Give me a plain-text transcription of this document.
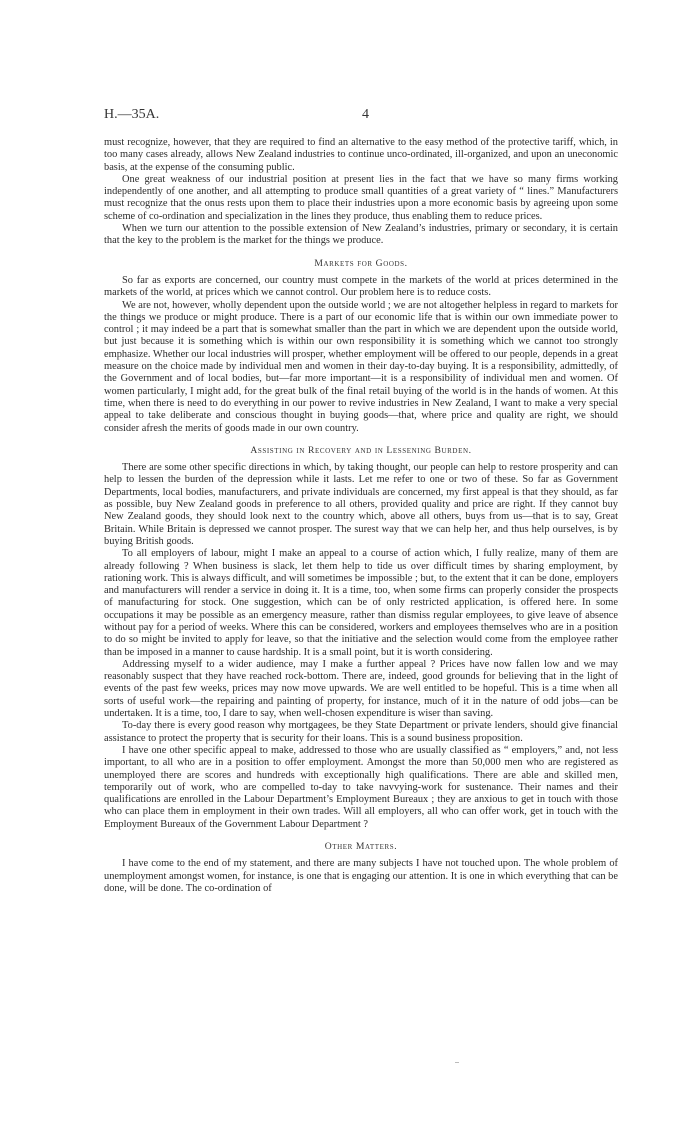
H.—35A.	4

must recognize, however, that they are required to find an alternative to the easy method of the protective tariff, which, in too many cases already, allows New Zealand industries to continue unco-ordinated, ill-organized, and upon an uneconomic basis, at the expense of the consuming public.

One great weakness of our industrial position at present lies in the fact that we have so many firms working independently of one another, and all attempting to produce small quantities of a great variety of “ lines.” Manufacturers must recognize that the onus rests upon them to place their industries upon a more economic basis by agreeing upon some scheme of co-ordination and specialization in the lines they produce, thus enabling them to reduce prices.

When we turn our attention to the possible extension of New Zealand’s industries, primary or secondary, it is certain that the key to the problem is the market for the things we produce.

Markets for Goods.

So far as exports are concerned, our country must compete in the markets of the world at prices determined in the markets of the world, at prices which we cannot control. Our problem here is to reduce costs.

We are not, however, wholly dependent upon the outside world ; we are not altogether helpless in regard to markets for the things we produce or might produce. There is a part of our economic life that is within our own immediate power to control ; it may indeed be a part that is somewhat smaller than the part in which we are dependent upon the outside world, but just because it is something which is within our own responsibility it is something which we cannot too strongly emphasize. Whether our local industries will prosper, whether employment will be offered to our people, depends in a great measure on the choice made by individual men and women in their day-to-day buying. It is a responsibility, admittedly, of the Government and of local bodies, but—far more important—it is a responsibility of individual men and women. Of women particularly, I might add, for the great bulk of the final retail buying of the world is in the hands of women. At this time, when there is need to do everything in our power to revive industries in New Zealand, I want to make a very special appeal to take deliberate and conscious thought in buying goods—that, where price and quality are right, we should consider afresh the merits of goods made in our own country.

Assisting in Recovery and in Lessening Burden.

There are some other specific directions in which, by taking thought, our people can help to restore prosperity and can help to lessen the burden of the depression while it lasts. Let me refer to one or two of these. So far as Government Departments, local bodies, manufacturers, and private individuals are concerned, my first appeal is that they should, as far as possible, buy New Zealand goods in preference to all others, provided quality and price are right. If they cannot buy New Zealand goods, they should look next to the country which, above all others, buys from us—that is to say, Great Britain. While Britain is depressed we cannot prosper. The surest way that we can help her, and thus help ourselves, is by buying British goods.

To all employers of labour, might I make an appeal to a course of action which, I fully realize, many of them are already following ? When business is slack, let them help to tide us over difficult times by sharing employment, by rationing work. This is always difficult, and will sometimes be impossible ; but, to the extent that it can be done, employers and manufacturers will render a service in doing it. It is a time, too, when some firms can properly consider the prospects of manufacturing for stock. One suggestion, which can be of only restricted application, is offered here. In some occupations it may be possible as an emergency measure, rather than dismiss regular employees, to give leave of absence without pay for a period of weeks. Where this can be considered, workers and employees themselves who are in a position to do so might be invited to apply for leave, so that the initiative and the selection would come from the employee rather than be imposed in a manner to cause hardship. It is a small point, but it is worth considering.

Addressing myself to a wider audience, may I make a further appeal ? Prices have now fallen low and we may reasonably suspect that they have reached rock-bottom. There are, indeed, good grounds for believing that in the light of events of the past few weeks, prices may now move upwards. We are well entitled to be hopeful. This is a time when all sorts of useful work—the repairing and painting of property, for instance, much of it in the nature of odd jobs—can be undertaken. It is a time, too, I dare to say, when well-chosen expenditure is wiser than saving.

To-day there is every good reason why mortgagees, be they State Department or private lenders, should give financial assistance to protect the property that is security for their loans. This is a sound business proposition.

I have one other specific appeal to make, addressed to those who are usually classified as “ employers,” and, not less important, to all who are in a position to offer employment. Amongst the more than 50,000 men who are registered as unemployed there are scores and hundreds with exceptionally high qualifications. There are able and skilled men, temporarily out of work, who are compelled to-day to take navvying-work for sustenance. Their names and their qualifications are enrolled in the Labour Department’s Employment Bureaux ; they are anxious to get in touch with those who can place them in employment in their own trades. Will all employers, all who can offer work, get in touch with the Employment Bureaux of the Government Labour Department ?

Other Matters.

I have come to the end of my statement, and there are many subjects I have not touched upon. The whole problem of unemployment amongst women, for instance, is one that is engaging our attention. It is one in which everything that can be done, will be done. The co-ordination of
